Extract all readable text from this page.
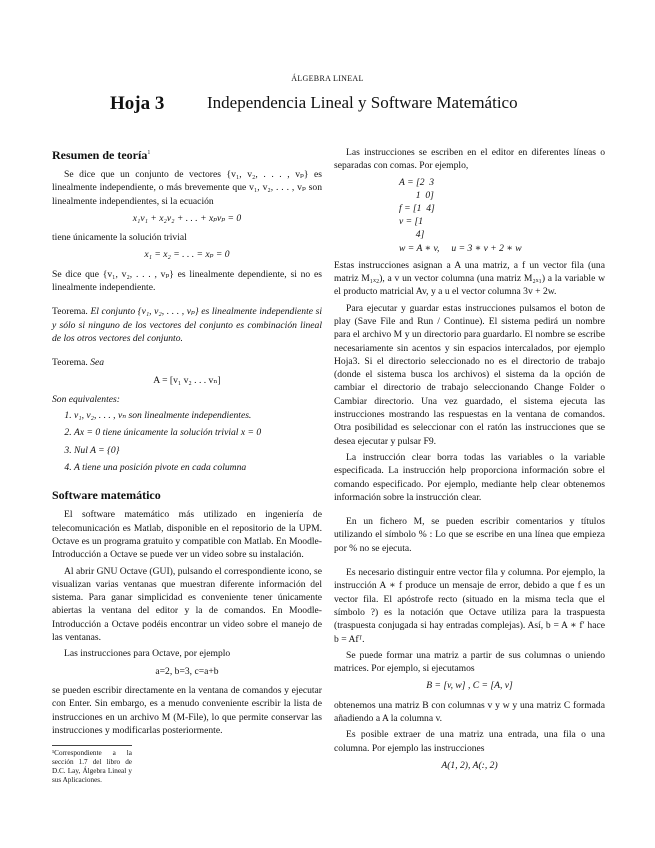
ÁLGEBRA LINEAL
Hoja 3	Independencia Lineal y Software Matemático
Resumen de teoría$^1$

Se dice que un conjunto de vectores {v₁, v₂, . . . , vₚ} es linealmente independiente, o más brevemente que v₁, v₂, . . . , vₚ son linealmente independientes, si la ecuación

x₁v₁ + x₂v₂ + . . . + xₚvₚ = 0

tiene únicamente la solución trivial

x₁ = x₂ = . . . = xₚ = 0

Se dice que {v₁, v₂, . . . , vₚ} es linealmente dependiente, si no es linealmente independiente.

Teorema. El conjunto {v₁, v₂, . . . , vₚ} es linealmente independiente si y sólo si ninguno de los vectores del conjunto es combinación lineal de los otros vectores del conjunto.

Teorema. Sea

A = [v₁ v₂ . . . vₙ]

Son equivalentes:

1. v₁, v₂, . . . , vₙ son linealmente independientes.
2. Ax = 0 tiene únicamente la solución trivial x = 0
3. Nul A = {0}
4. A tiene una posición pivote en cada columna
Software matemático

El software matemático más utilizado en ingeniería de telecomunicación es Matlab, disponible en el repositorio de la UPM. Octave es un programa gratuito y compatible con Matlab. En Moodle-Introducción a Octave se puede ver un video sobre su instalación.

Al abrir GNU Octave (GUI), pulsando el correspondiente icono, se visualizan varias ventanas que muestran diferente información del sistema. Para ganar simplicidad es conveniente tener únicamente abiertas la ventana del editor y la de comandos. En Moodle-Introducción a Octave podéis encontrar un video sobre el manejo de las ventanas.

Las instrucciones para Octave, por ejemplo

a=2, b=3, c=a+b

se pueden escribir directamente en la ventana de comandos y ejecutar con Enter. Sin embargo, es a menudo conveniente escribir la lista de instrucciones en un archivo M (M-File), lo que permite conservar las instrucciones y modificarlas posteriormente.

¹Correspondiente a la sección 1.7 del libro de D.C. Lay, Álgebra Lineal y sus Aplicaciones.

Las instrucciones se escriben en el editor en diferentes líneas o separadas con comas. Por ejemplo,

A = [2  3
1  0]
f = [1  4]
v = [1
4]
w = A ∗ v,     u = 3 ∗ v + 2 ∗ w

Estas instrucciones asignan a A una matriz, a f un vector fila (una matriz M₁ₓ₂), a v un vector columna (una matriz M₂ₓ₁) a la variable w el producto matricial Av, y a u el vector columna 3v + 2w.

Para ejecutar y guardar estas instrucciones pulsamos el boton de play (Save File and Run / Continue). El sistema pedirá un nombre para el archivo M y un directorio para guardarlo. El nombre se escribe necesariamente sin acentos y sin espacios intercalados, por ejemplo Hoja3. Si el directorio seleccionado no es el directorio de trabajo (donde el sistema busca los archivos) el sistema da la opción de cambiar el directorio de trabajo seleccionando Change Folder o Cambiar directorio. Una vez guardado, el sistema ejecuta las instrucciones mostrando las respuestas en la ventana de comandos. Otra posibilidad es seleccionar con el ratón las instrucciones que se desea ejecutar y pulsar F9.

La instrucción clear borra todas las variables o la variable especificada. La instrucción help proporciona información sobre el comando especificado. Por ejemplo, mediante help clear obtenemos información sobre la instrucción clear.

En un fichero M, se pueden escribir comentarios y títulos utilizando el símbolo % : Lo que se escribe en una línea que empieza por % no se ejecuta.

Es necesario distinguir entre vector fila y columna. Por ejemplo, la instrucción A ∗ f produce un mensaje de error, debido a que f es un vector fila. El apóstrofe recto (situado en la misma tecla que el símbolo ?) es la notación que Octave utiliza para la traspuesta (traspuesta conjugada si hay entradas complejas). Así, b = A ∗ f′ hace b = Afᵀ.

Se puede formar una matriz a partir de sus columnas o uniendo matrices. Por ejemplo, si ejecutamos

B = [v, w] , C = [A, v]

obtenemos una matriz B con columnas v y w y una matriz C formada añadiendo a A la columna v.

Es posible extraer de una matriz una entrada, una fila o una columna. Por ejemplo las instrucciones

A(1, 2), A(:, 2)
